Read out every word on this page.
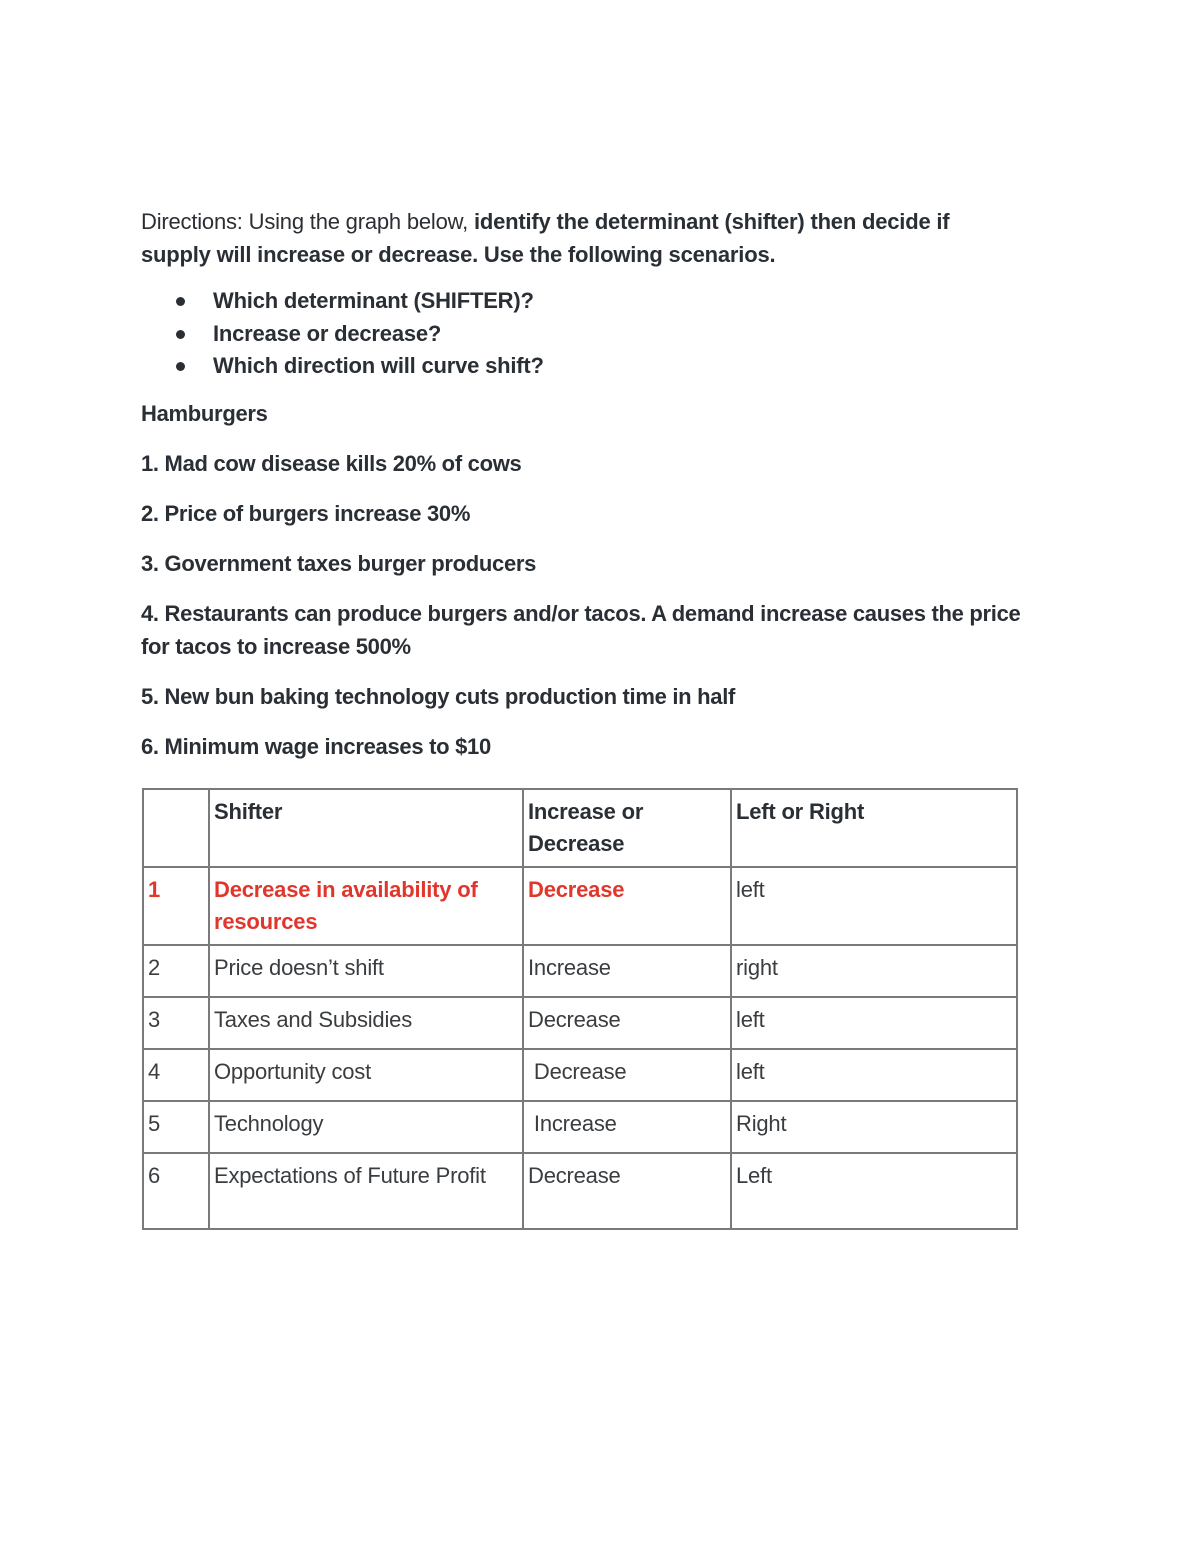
Directions: Using the graph below, identify the determinant (shifter) then decide if supply will increase or decrease. Use the following scenarios.

Which determinant (SHIFTER)?
Increase or decrease?
Which direction will curve shift?

Hamburgers

1. Mad cow disease kills 20% of cows

2. Price of burgers increase 30%

3. Government taxes burger producers

4. Restaurants can produce burgers and/or tacos. A demand increase causes the price for tacos to increase 500%

5. New bun baking technology cuts production time in half

6. Minimum wage increases to $10

	Shifter	Increase or Decrease	Left or Right
1	Decrease in availability of resources	Decrease	left
2	Price doesn’t shift	Increase	right
3	Taxes and Subsidies	Decrease	left
4	Opportunity cost	Decrease	left
5	Technology	Increase	Right
6	Expectations of Future Profit	Decrease	Left
